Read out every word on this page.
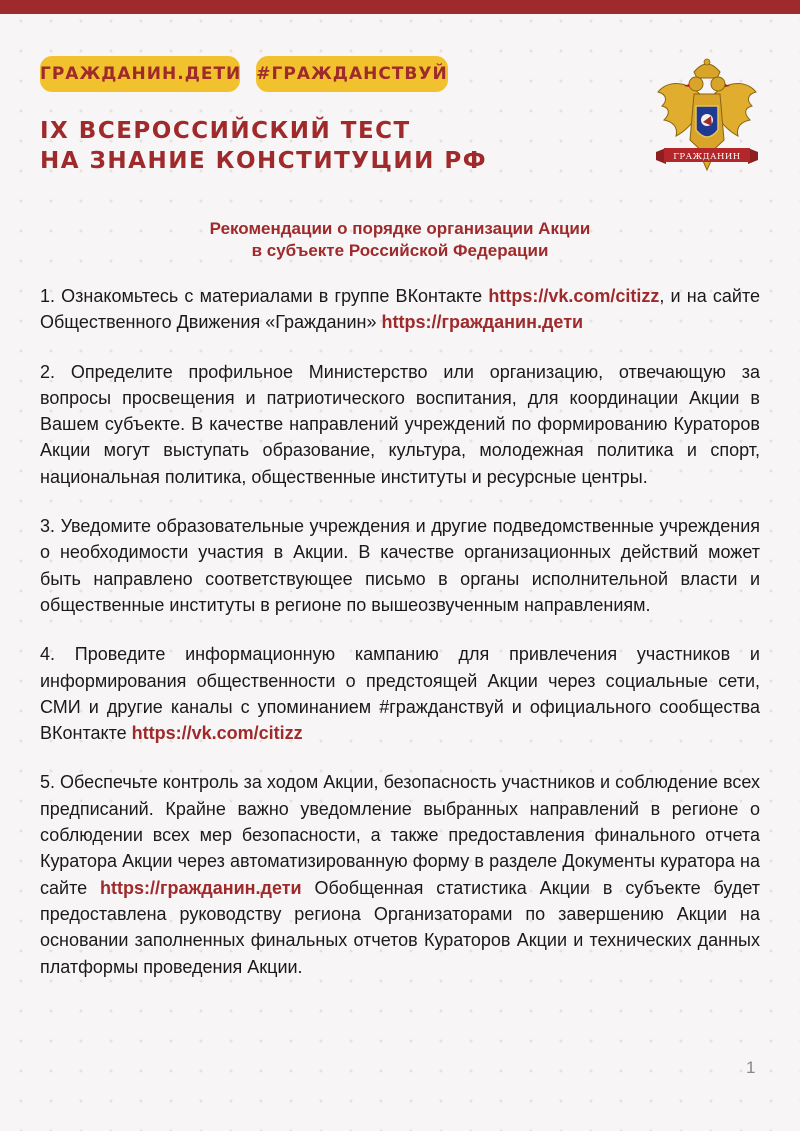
ГРАЖДАНИН.ДЕТИ #ГРАЖДАНСТВУЙ
IX ВСЕРОССИЙСКИЙ ТЕСТ
НА ЗНАНИЕ КОНСТИТУЦИИ РФ	ГРАЖДАНИН
Рекомендации о порядке организации Акции
в субъекте Российской Федерации

1. Ознакомьтесь с материалами в группе ВКонтакте https://vk.com/citizz, и на сайте Общественного Движения «Гражданин» https://гражданин.дети

2. Определите профильное Министерство или организацию, отвечающую за вопросы просвещения и патриотического воспитания, для координации Акции в Вашем субъекте. В качестве направлений учреждений по формированию Кураторов Акции могут выступать образование, культура, молодежная политика и спорт, национальная политика, общественные институты и ресурсные центры.

3. Уведомите образовательные учреждения и другие подведомственные учреждения о необходимости участия в Акции. В качестве организационных действий может быть направлено соответствующее письмо в органы исполнительной власти и общественные институты в регионе по вышеозвученным направлениям.

4. Проведите информационную кампанию для привлечения участников и информирования общественности о предстоящей Акции через социальные сети, СМИ и другие каналы с упоминанием #гражданствуй и официального сообщества ВКонтакте https://vk.com/citizz

5. Обеспечьте контроль за ходом Акции, безопасность участников и соблюдение всех предписаний. Крайне важно уведомление выбранных направлений в регионе о соблюдении всех мер безопасности, а также предоставления финального отчета Куратора Акции через автоматизированную форму в разделе Документы куратора на сайте https://гражданин.дети Обобщенная статистика Акции в субъекте будет предоставлена руководству региона Организаторами по завершению Акции на основании заполненных финальных отчетов Кураторов Акции и технических данных платформы проведения Акции.

1
